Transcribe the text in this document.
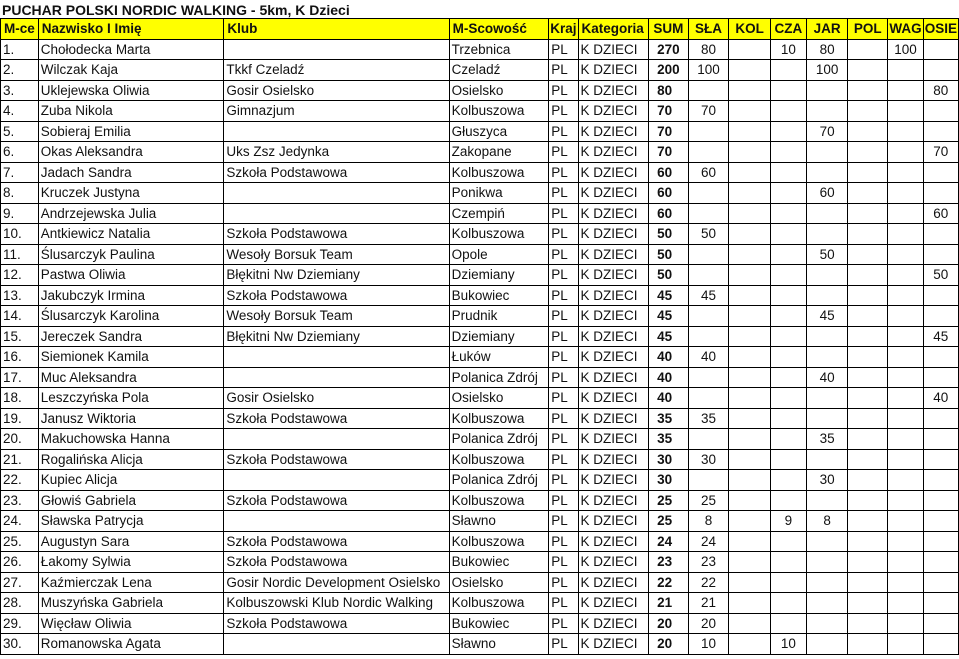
PUCHAR POLSKI NORDIC WALKING - 5km, K Dzieci
M-ce	Nazwisko I Imię	Klub	M-Scowość	Kraj	Kategoria	SUM	SŁA	KOL	CZA	JAR	POL	WAG	OSIE
1.	Chołodecka Marta		Trzebnica	PL	K DZIECI	270	80		10	80		100	
2.	Wilczak Kaja	Tkkf Czeladź	Czeladź	PL	K DZIECI	200	100			100			
3.	Uklejewska Oliwia	Gosir Osielsko	Osielsko	PL	K DZIECI	80							80
4.	Zuba Nikola	Gimnazjum	Kolbuszowa	PL	K DZIECI	70	70						
5.	Sobieraj Emilia		Głuszyca	PL	K DZIECI	70				70			
6.	Okas Aleksandra	Uks Zsz Jedynka	Zakopane	PL	K DZIECI	70							70
7.	Jadach Sandra	Szkoła Podstawowa	Kolbuszowa	PL	K DZIECI	60	60						
8.	Kruczek Justyna		Ponikwa	PL	K DZIECI	60				60			
9.	Andrzejewska Julia		Czempiń	PL	K DZIECI	60							60
10.	Antkiewicz Natalia	Szkoła Podstawowa	Kolbuszowa	PL	K DZIECI	50	50						
11.	Ślusarczyk Paulina	Wesoły Borsuk Team	Opole	PL	K DZIECI	50				50			
12.	Pastwa Oliwia	Błękitni Nw Dziemiany	Dziemiany	PL	K DZIECI	50							50
13.	Jakubczyk Irmina	Szkoła Podstawowa	Bukowiec	PL	K DZIECI	45	45						
14.	Ślusarczyk Karolina	Wesoły Borsuk Team	Prudnik	PL	K DZIECI	45				45			
15.	Jereczek Sandra	Błękitni Nw Dziemiany	Dziemiany	PL	K DZIECI	45							45
16.	Siemionek Kamila		Łuków	PL	K DZIECI	40	40						
17.	Muc Aleksandra		Polanica Zdrój	PL	K DZIECI	40				40			
18.	Leszczyńska Pola	Gosir Osielsko	Osielsko	PL	K DZIECI	40							40
19.	Janusz Wiktoria	Szkoła Podstawowa	Kolbuszowa	PL	K DZIECI	35	35						
20.	Makuchowska Hanna		Polanica Zdrój	PL	K DZIECI	35				35			
21.	Rogalińska Alicja	Szkoła Podstawowa	Kolbuszowa	PL	K DZIECI	30	30						
22.	Kupiec Alicja		Polanica Zdrój	PL	K DZIECI	30				30			
23.	Głowiś Gabriela	Szkoła Podstawowa	Kolbuszowa	PL	K DZIECI	25	25						
24.	Sławska Patrycja		Sławno	PL	K DZIECI	25	8		9	8			
25.	Augustyn Sara	Szkoła Podstawowa	Kolbuszowa	PL	K DZIECI	24	24						
26.	Łakomy Sylwia	Szkoła Podstawowa	Bukowiec	PL	K DZIECI	23	23						
27.	Kaźmierczak Lena	Gosir Nordic Development Osielsko	Osielsko	PL	K DZIECI	22	22						
28.	Muszyńska Gabriela	Kolbuszowski Klub Nordic Walking	Kolbuszowa	PL	K DZIECI	21	21						
29.	Więcław Oliwia	Szkoła Podstawowa	Bukowiec	PL	K DZIECI	20	20						
30.	Romanowska Agata		Sławno	PL	K DZIECI	20	10		10				
